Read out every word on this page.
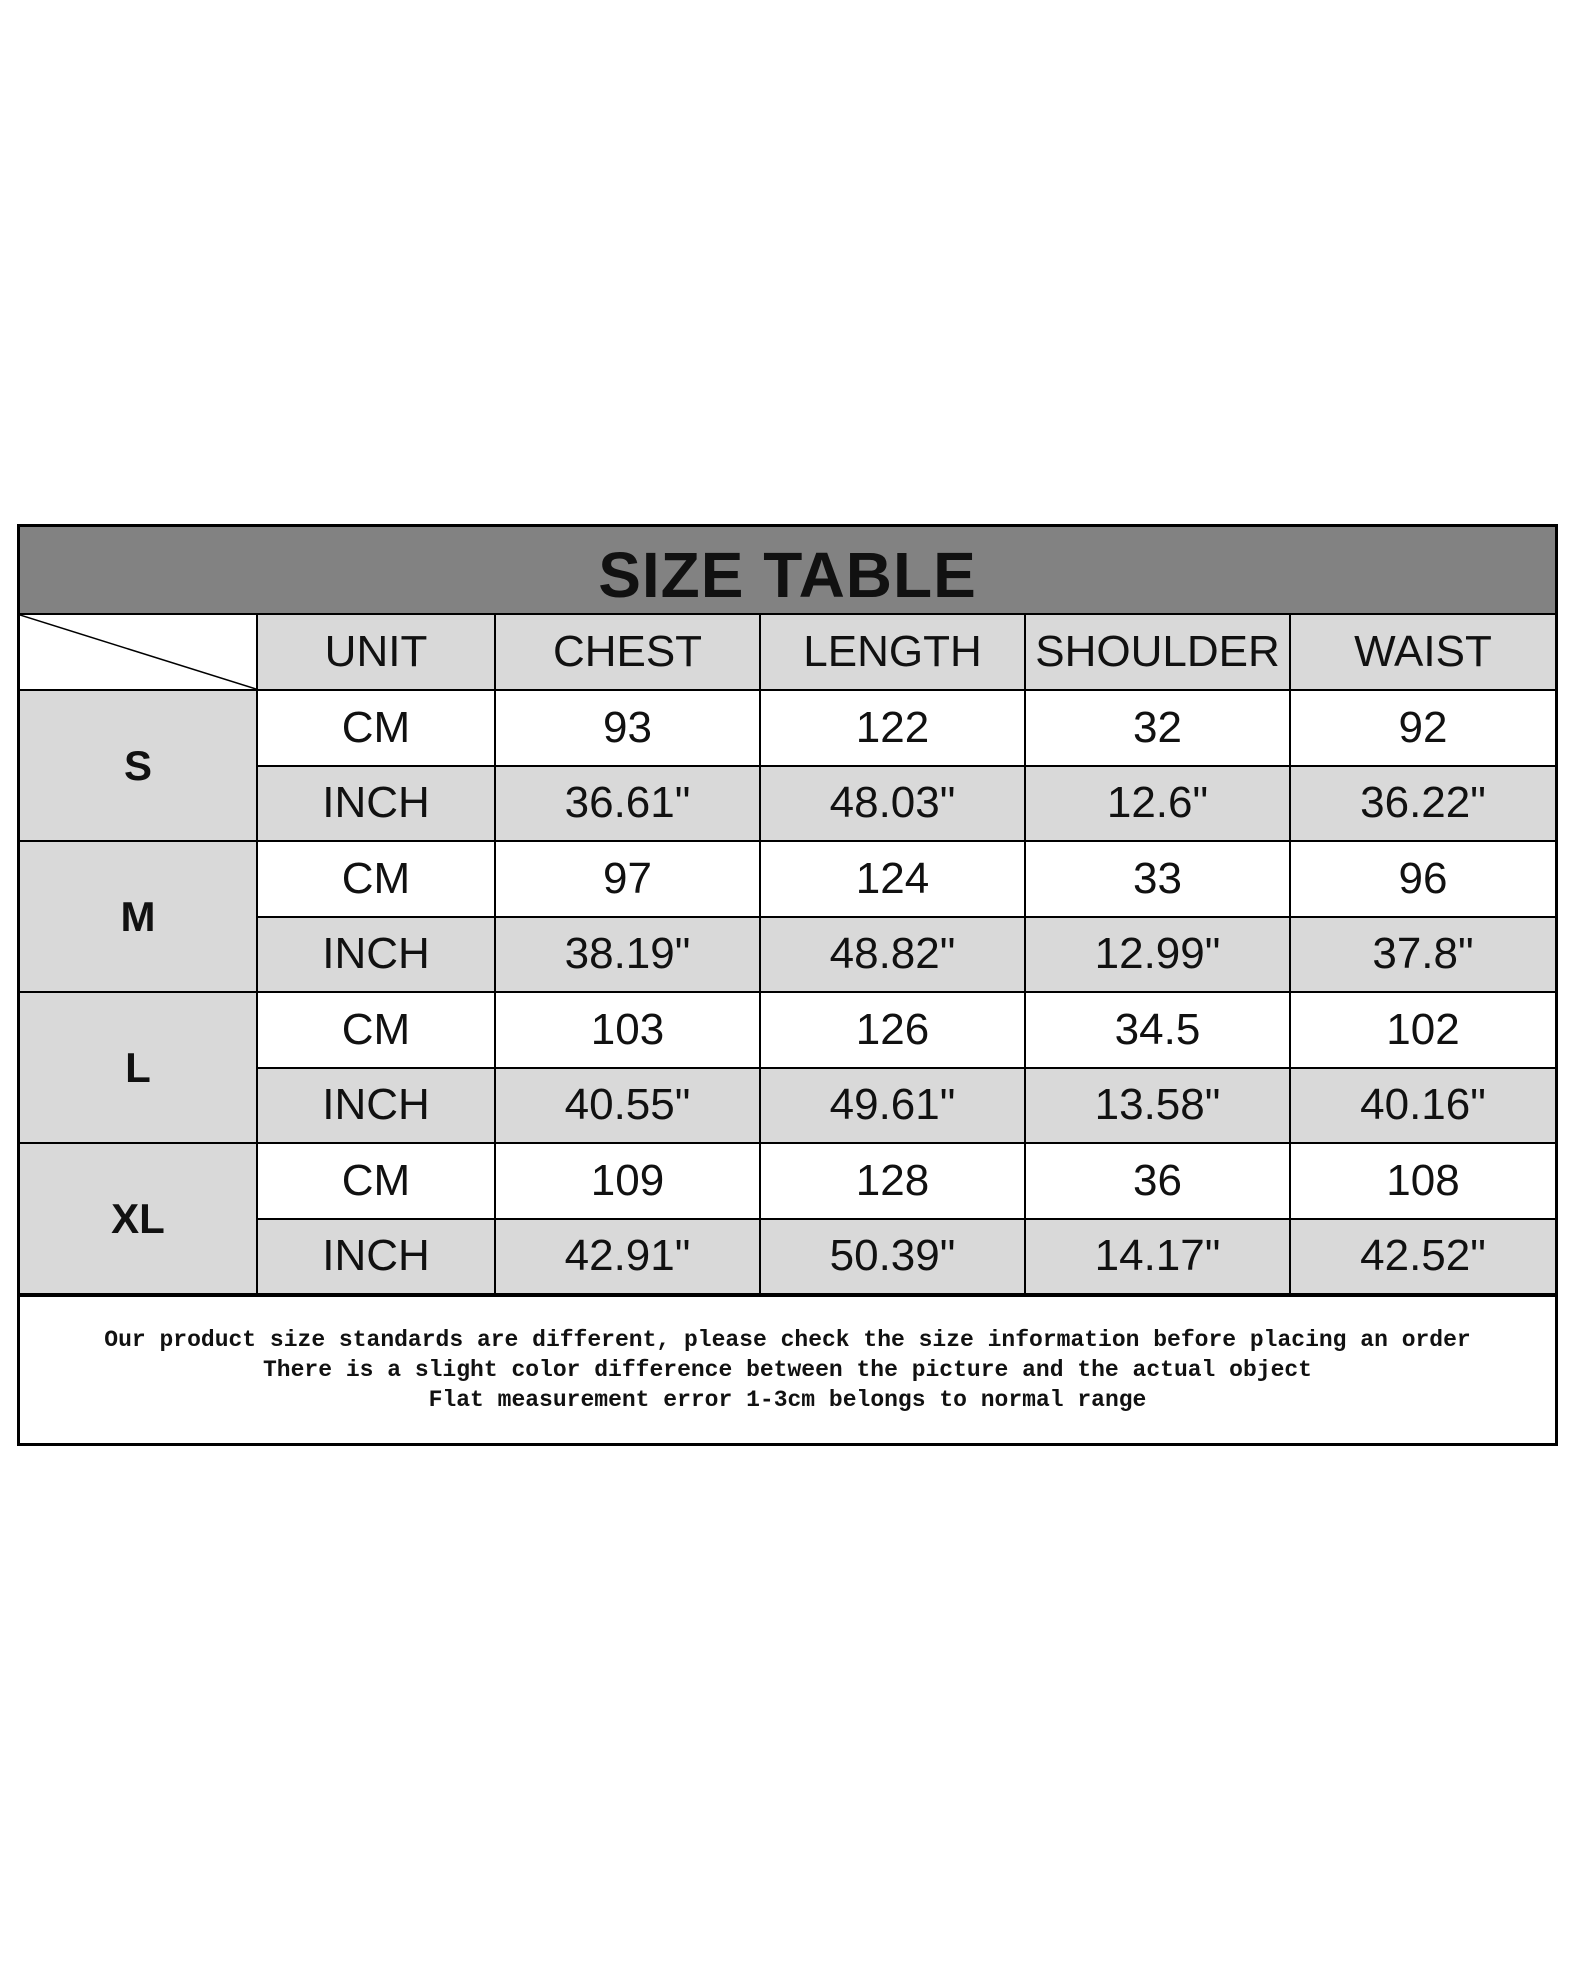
SIZE TABLE
	UNIT	CHEST	LENGTH	SHOULDER	WAIST
S	CM	93	122	32	92
	INCH	36.61"	48.03"	12.6"	36.22"
M	CM	97	124	33	96
	INCH	38.19"	48.82"	12.99"	37.8"
L	CM	103	126	34.5	102
	INCH	40.55"	49.61"	13.58"	40.16"
XL	CM	109	128	36	108
	INCH	42.91"	50.39"	14.17"	42.52"
Our product size standards are different, please check the size information before placing an order
There is a slight color difference between the picture and the actual object
Flat measurement error 1-3cm belongs to normal range
